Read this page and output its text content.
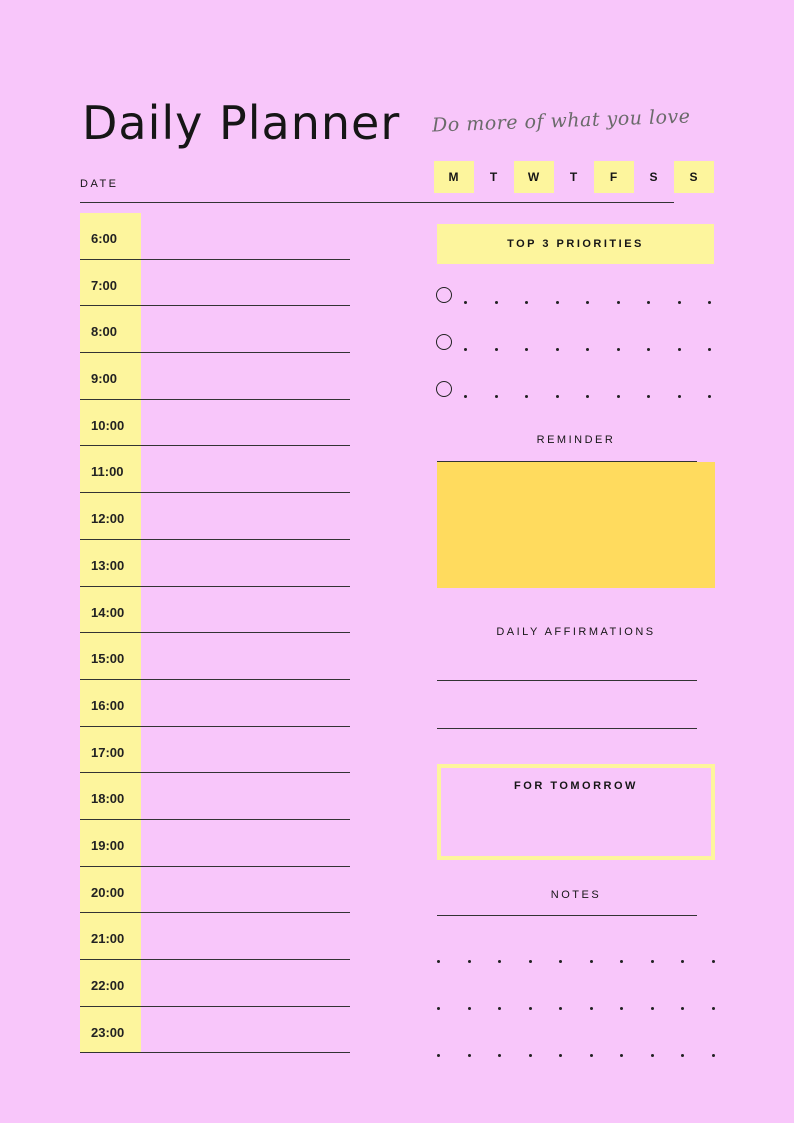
Daily Planner Do more of what you love
DATE	M	T	W	T	F	S	S
6:00
7:00
8:00
9:00
10:00
11:00
12:00
13:00
14:00
15:00
16:00
17:00
18:00
19:00
20:00
21:00
22:00
23:00
TOP 3 PRIORITIES
REMINDER
DAILY AFFIRMATIONS
FOR TOMORROW
NOTES
